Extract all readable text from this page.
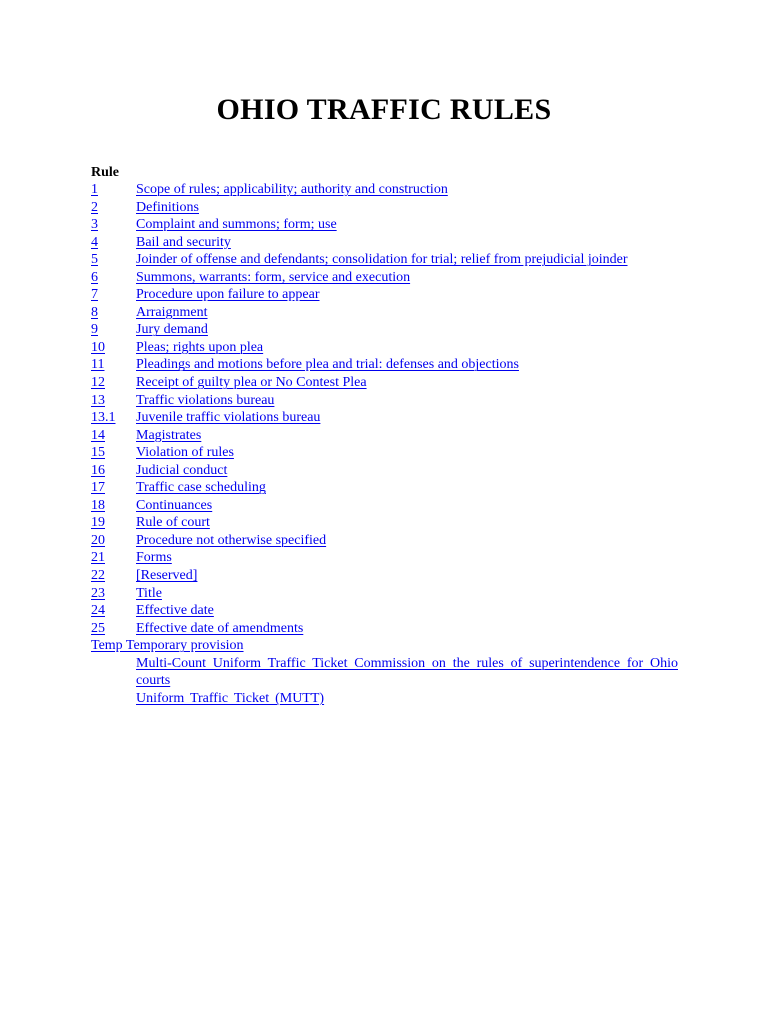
OHIO TRAFFIC RULES
Rule
1	Scope of rules; applicability; authority and construction
2	Definitions
3	Complaint and summons; form; use
4	Bail and security
5	Joinder of offense and defendants; consolidation for trial; relief from prejudicial joinder
6	Summons, warrants: form, service and execution
7	Procedure upon failure to appear
8	Arraignment
9	Jury demand
10	Pleas; rights upon plea
11	Pleadings and motions before plea and trial: defenses and objections
12	Receipt of guilty plea or No Contest Plea
13	Traffic violations bureau
13.1	Juvenile traffic violations bureau
14	Magistrates
15	Violation of rules
16	Judicial conduct
17	Traffic case scheduling
18	Continuances
19	Rule of court
20	Procedure not otherwise specified
21	Forms
22	[Reserved]
23	Title
24	Effective date
25	Effective date of amendments
Temp Temporary provision
Multi-Count Uniform Traffic Ticket Commission on the rules of superintendence for Ohio courts
Uniform Traffic Ticket (MUTT)
